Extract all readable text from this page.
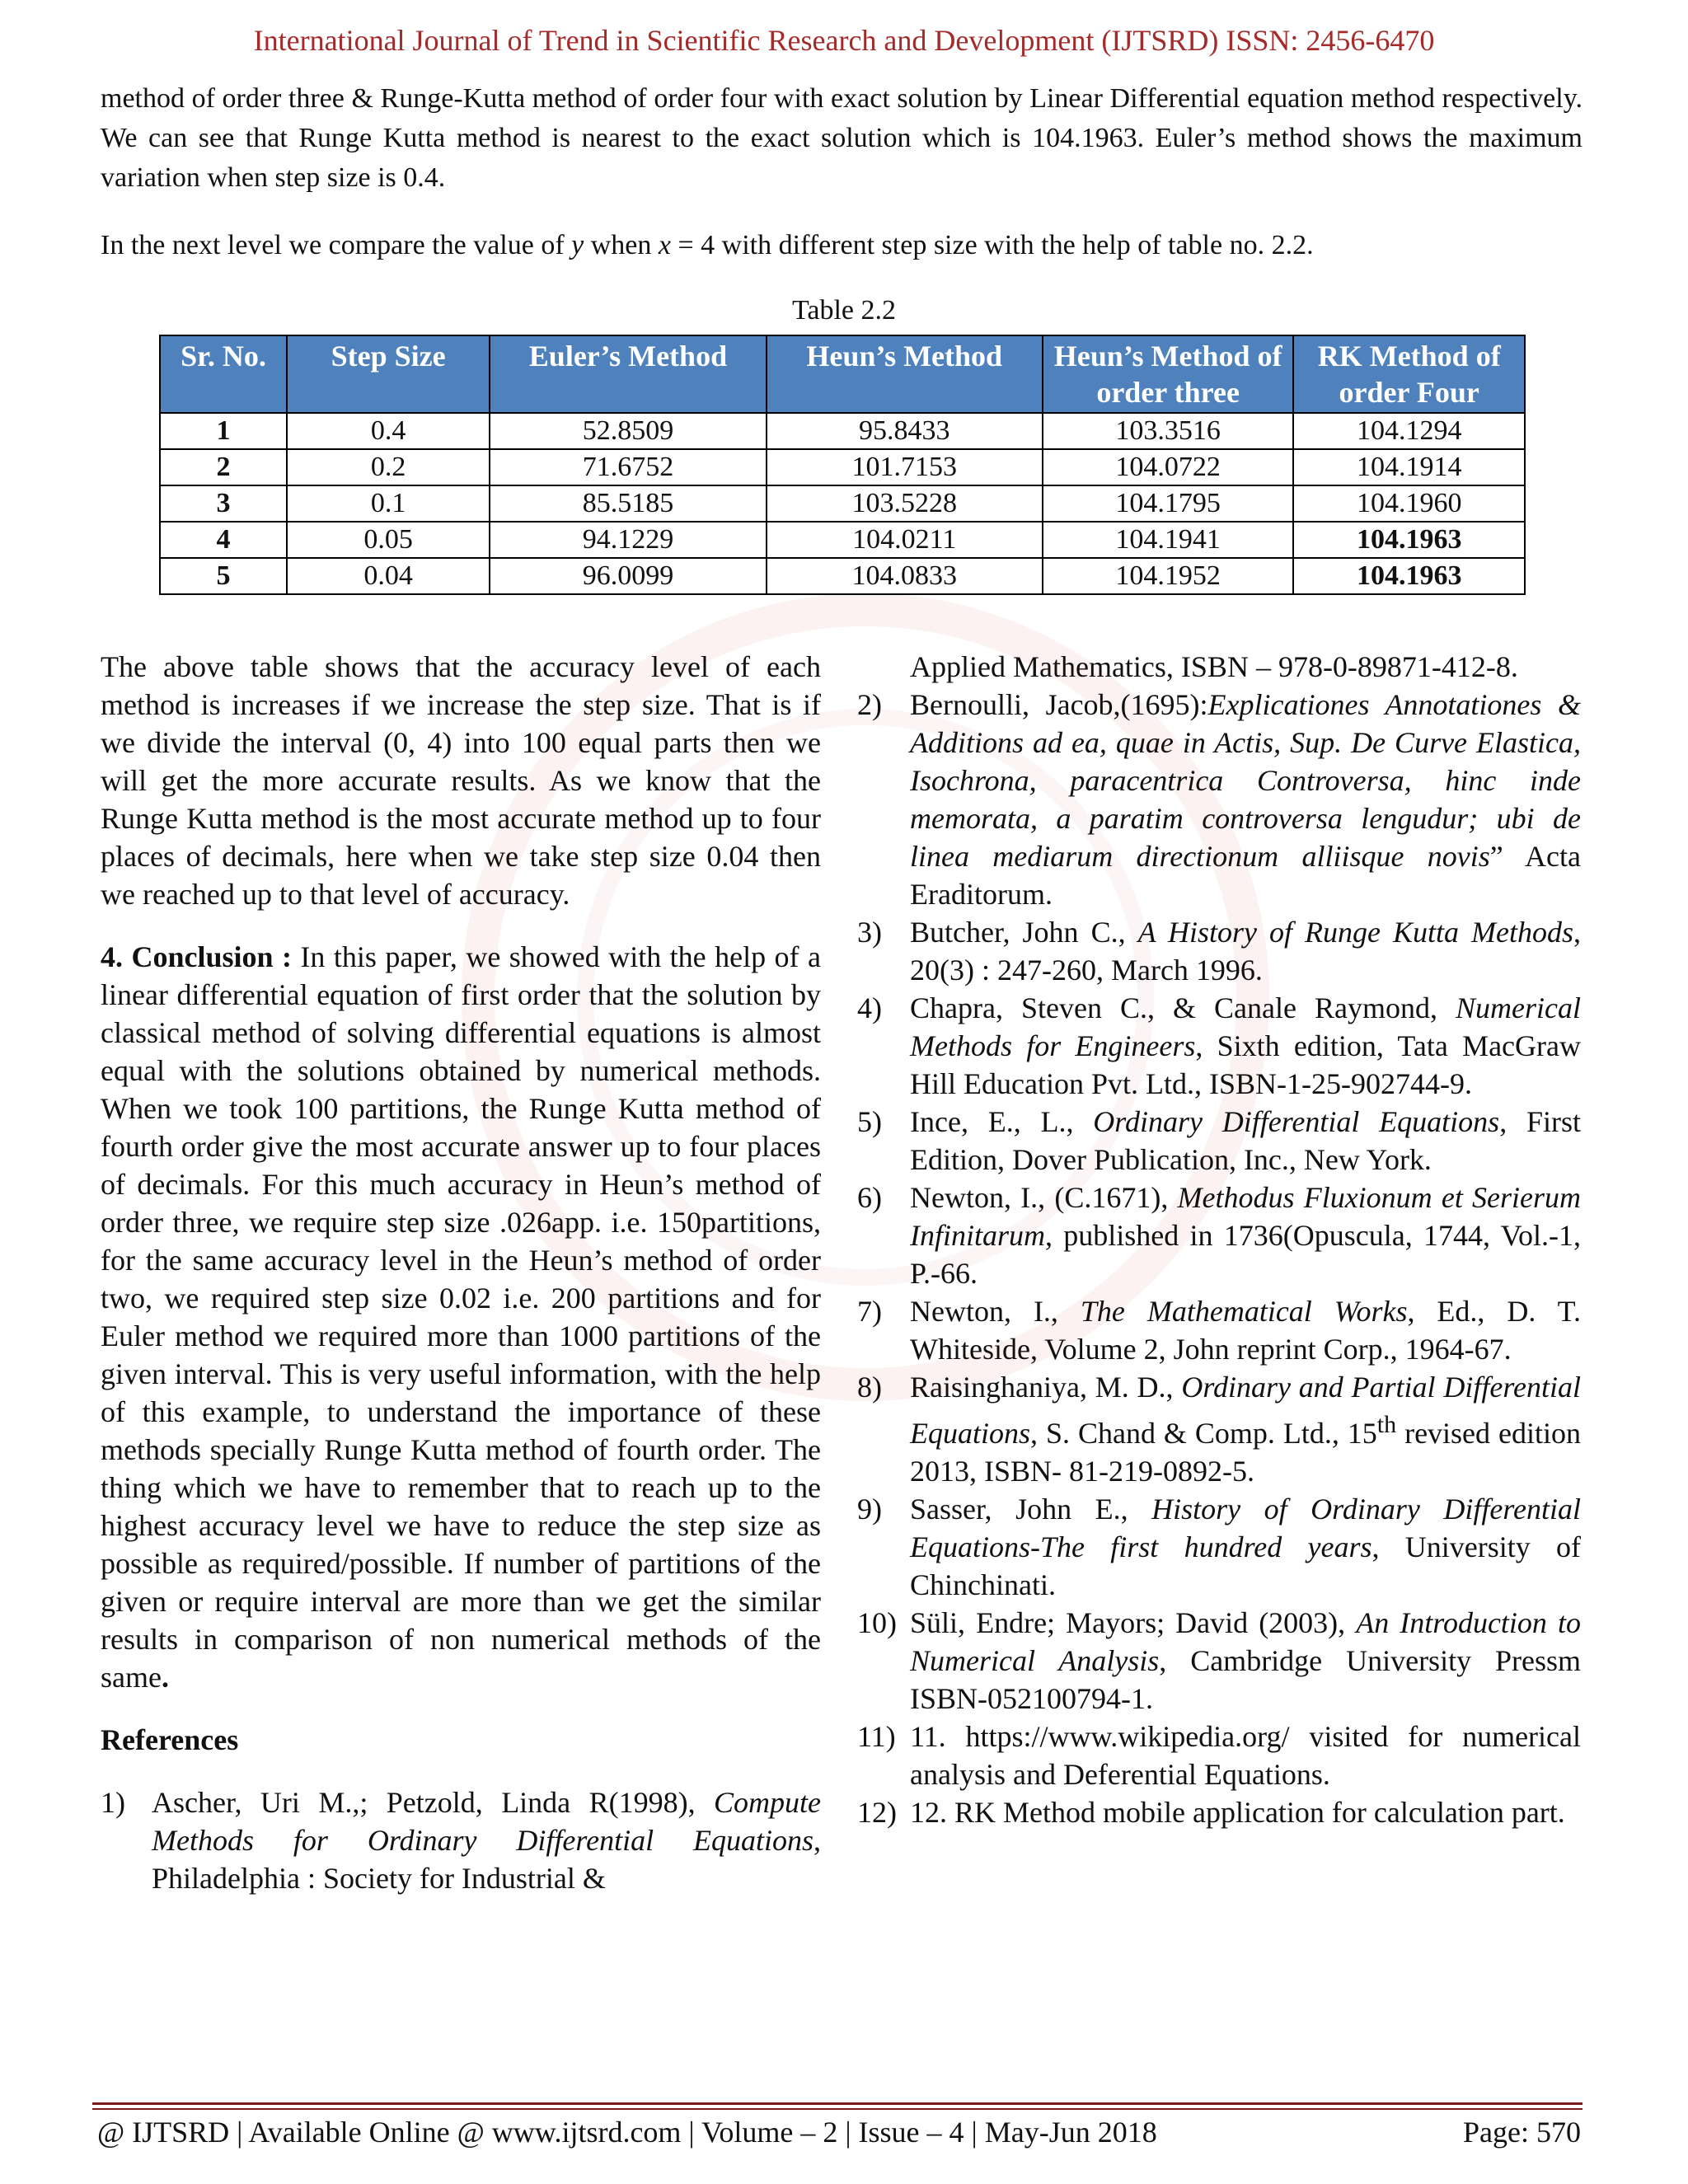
International Journal of Trend in Scientific Research and Development (IJTSRD) ISSN: 2456-6470

method of order three & Runge-Kutta method of order four with exact solution by Linear Differential equation method respectively. We can see that Runge Kutta method is nearest to the exact solution which is 104.1963. Euler’s method shows the maximum variation when step size is 0.4.

In the next level we compare the value of y when x = 4 with different step size with the help of table no. 2.2.

Table 2.2
Sr. No.	Step Size	Euler’s Method	Heun’s Method	Heun’s Method of order three	RK Method of order Four
1	0.4	52.8509	95.8433	103.3516	104.1294
2	0.2	71.6752	101.7153	104.0722	104.1914
3	0.1	85.5185	103.5228	104.1795	104.1960
4	0.05	94.1229	104.0211	104.1941	104.1963
5	0.04	96.0099	104.0833	104.1952	104.1963

The above table shows that the accuracy level of each method is increases if we increase the step size. That is if we divide the interval (0, 4) into 100 equal parts then we will get the more accurate results. As we know that the Runge Kutta method is the most accurate method up to four places of decimals, here when we take step size 0.04 then we reached up to that level of accuracy.

4. Conclusion : In this paper, we showed with the help of a linear differential equation of first order that the solution by classical method of solving differential equations is almost equal with the solutions obtained by numerical methods. When we took 100 partitions, the Runge Kutta method of fourth order give the most accurate answer up to four places of decimals. For this much accuracy in Heun’s method of order three, we require step size .026app. i.e. 150partitions, for the same accuracy level in the Heun’s method of order two, we required step size 0.02 i.e. 200 partitions and for Euler method we required more than 1000 partitions of the given interval. This is very useful information, with the help of this example, to understand the importance of these methods specially Runge Kutta method of fourth order. The thing which we have to remember that to reach up to the highest accuracy level we have to reduce the step size as possible as required/possible. If number of partitions of the given or require interval are more than we get the similar results in comparison of non numerical methods of the same.

References
1) Ascher, Uri M.,; Petzold, Linda R(1998), Compute Methods for Ordinary Differential Equations, Philadelphia : Society for Industrial &
Applied Mathematics, ISBN – 978-0-89871-412-8.
2) Bernoulli, Jacob,(1695):Explicationes Annotationes & Additions ad ea, quae in Actis, Sup. De Curve Elastica, Isochrona, paracentrica Controversa, hinc inde memorata, a paratim controversa lengudur; ubi de linea mediarum directionum alliisque novis” Acta Eraditorum.
3) Butcher, John C., A History of Runge Kutta Methods, 20(3) : 247-260, March 1996.
4) Chapra, Steven C., & Canale Raymond, Numerical Methods for Engineers, Sixth edition, Tata MacGraw Hill Education Pvt. Ltd., ISBN-1-25-902744-9.
5) Ince, E., L., Ordinary Differential Equations, First Edition, Dover Publication, Inc., New York.
6) Newton, I., (C.1671), Methodus Fluxionum et Serierum Infinitarum, published in 1736(Opuscula, 1744, Vol.-1, P.-66.
7) Newton, I., The Mathematical Works, Ed., D. T. Whiteside, Volume 2, John reprint Corp., 1964-67.
8) Raisinghaniya, M. D., Ordinary and Partial Differential Equations, S. Chand & Comp. Ltd., 15th revised edition 2013, ISBN- 81-219-0892-5.
9) Sasser, John E., History of Ordinary Differential Equations-The first hundred years, University of Chinchinati.
10) Süli, Endre; Mayors; David (2003), An Introduction to Numerical Analysis, Cambridge University Pressm ISBN-052100794-1.
11) 11. https://www.wikipedia.org/ visited for numerical analysis and Deferential Equations.
12) 12. RK Method mobile application for calculation part.
@ IJTSRD | Available Online @ www.ijtsrd.com | Volume – 2 | Issue – 4 | May-Jun 2018	Page: 570
